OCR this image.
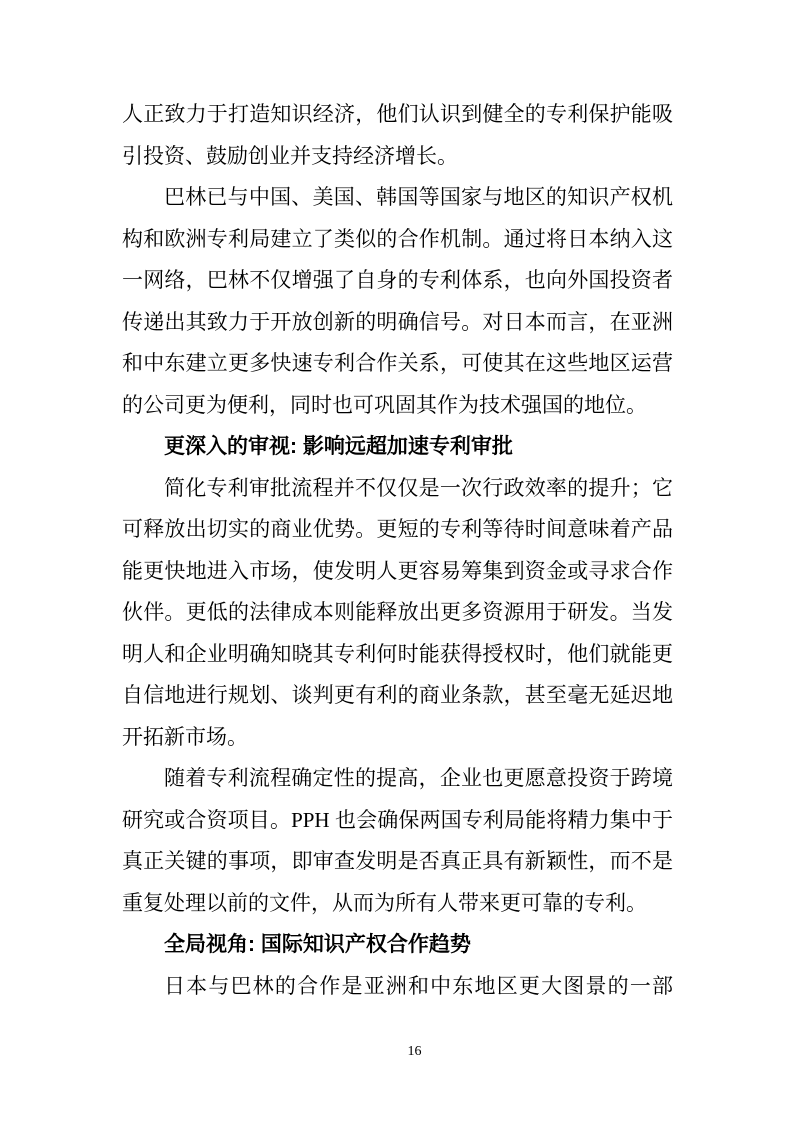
人正致力于打造知识经济，他们认识到健全的专利保护能吸引投资、鼓励创业并支持经济增长。

巴林已与中国、美国、韩国等国家与地区的知识产权机构和欧洲专利局建立了类似的合作机制。通过将日本纳入这一网络，巴林不仅增强了自身的专利体系，也向外国投资者传递出其致力于开放创新的明确信号。对日本而言，在亚洲和中东建立更多快速专利合作关系，可使其在这些地区运营的公司更为便利，同时也可巩固其作为技术强国的地位。

更深入的审视: 影响远超加速专利审批

简化专利审批流程并不仅仅是一次行政效率的提升；它可释放出切实的商业优势。更短的专利等待时间意味着产品能更快地进入市场，使发明人更容易筹集到资金或寻求合作伙伴。更低的法律成本则能释放出更多资源用于研发。当发明人和企业明确知晓其专利何时能获得授权时，他们就能更自信地进行规划、谈判更有利的商业条款，甚至毫无延迟地开拓新市场。

随着专利流程确定性的提高，企业也更愿意投资于跨境研究或合资项目。PPH 也会确保两国专利局能将精力集中于真正关键的事项，即审查发明是否真正具有新颖性，而不是重复处理以前的文件，从而为所有人带来更可靠的专利。

全局视角: 国际知识产权合作趋势

日本与巴林的合作是亚洲和中东地区更大图景的一部

16
